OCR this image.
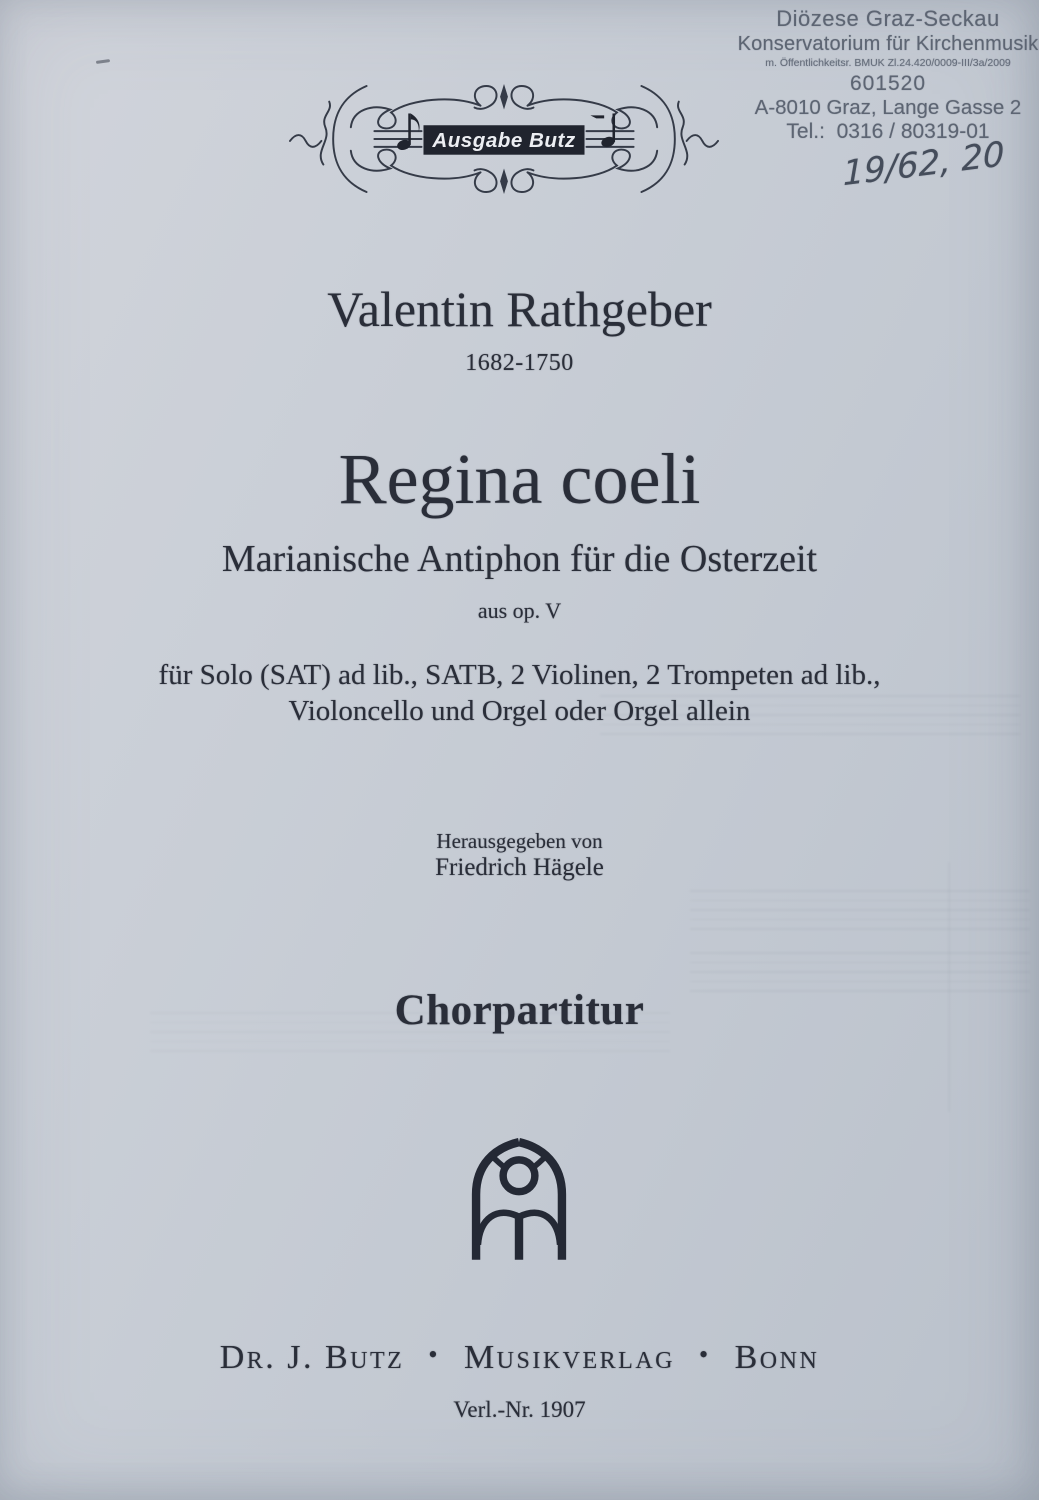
Diözese Graz-Seckau
Konservatorium für Kirchenmusik
m. Öffentlichkeitsr. BMUK Zl.24.420/0009-III/3a/2009
601520
A-8010 Graz, Lange Gasse 2
Tel.:  0316 / 80319-01
19/62, 20
Ausgabe Butz
Valentin Rathgeber
1682-1750
Regina coeli
Marianische Antiphon für die Osterzeit
aus op. V
für Solo (SAT) ad lib., SATB, 2 Violinen, 2 Trompeten ad lib.,
Violoncello und Orgel oder Orgel allein
Herausgegeben von
Friedrich Hägele
Chorpartitur
Dr. J. Butz • Musikverlag • Bonn
Verl.-Nr. 1907
